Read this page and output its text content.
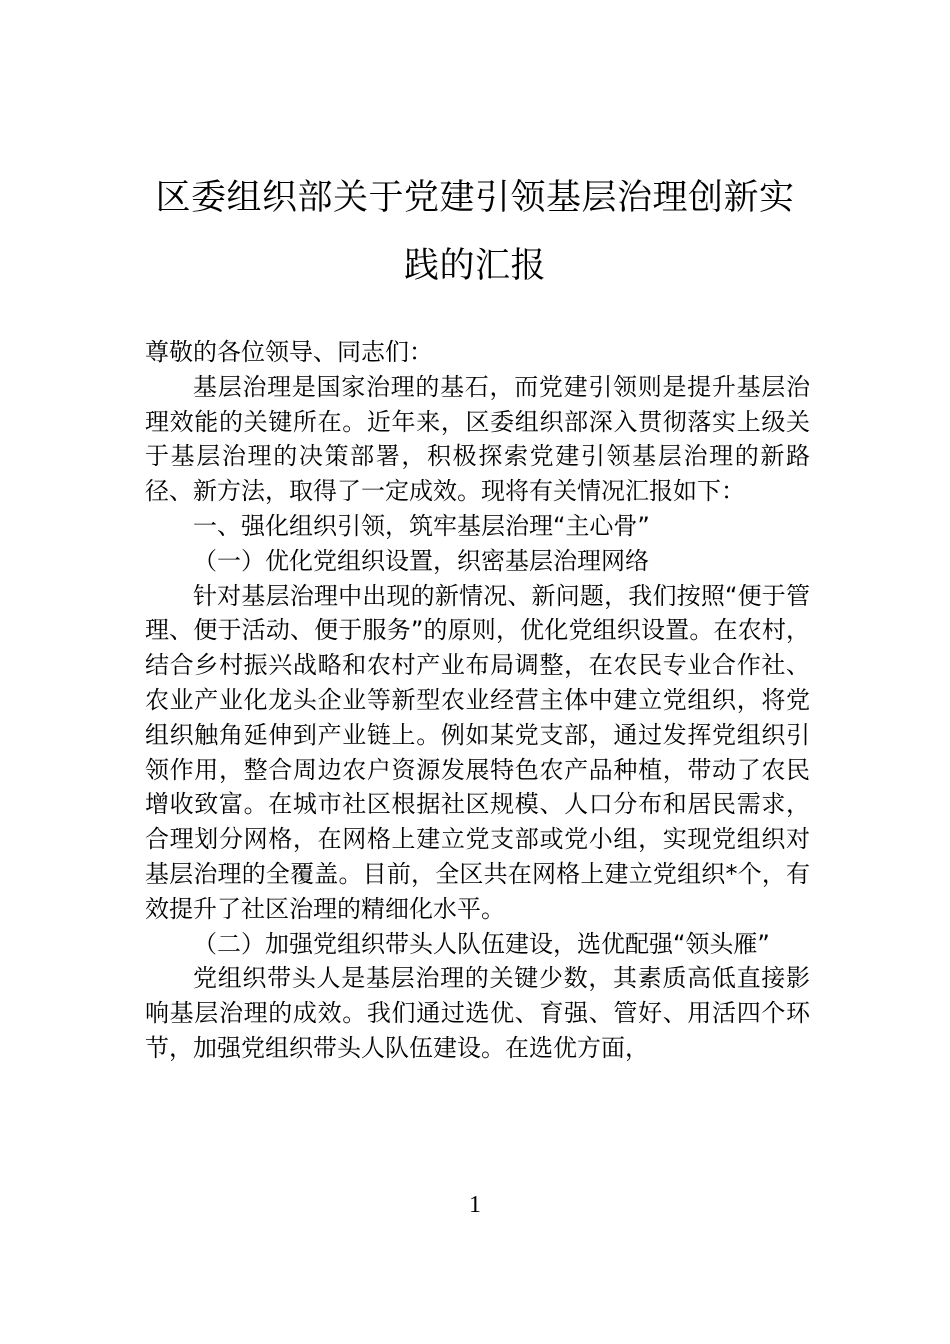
区委组织部关于党建引领基层治理创新实
践的汇报

尊敬的各位领导、同志们：

基层治理是国家治理的基石，而党建引领则是提升基层治理效能的关键所在。近年来，区委组织部深入贯彻落实上级关于基层治理的决策部署，积极探索党建引领基层治理的新路径、新方法，取得了一定成效。现将有关情况汇报如下：

一、强化组织引领，筑牢基层治理“主心骨”

（一）优化党组织设置，织密基层治理网络

针对基层治理中出现的新情况、新问题，我们按照“便于管理、便于活动、便于服务”的原则，优化党组织设置。在农村，结合乡村振兴战略和农村产业布局调整，在农民专业合作社、农业产业化龙头企业等新型农业经营主体中建立党组织，将党组织触角延伸到产业链上。例如某党支部，通过发挥党组织引领作用，整合周边农户资源发展特色农产品种植，带动了农民增收致富。在城市社区根据社区规模、人口分布和居民需求，合理划分网格，在网格上建立党支部或党小组，实现党组织对基层治理的全覆盖。目前，全区共在网格上建立党组织*个，有效提升了社区治理的精细化水平。

（二）加强党组织带头人队伍建设，选优配强“领头雁”

党组织带头人是基层治理的关键少数，其素质高低直接影响基层治理的成效。我们通过选优、育强、管好、用活四个环节，加强党组织带头人队伍建设。在选优方面，

1
